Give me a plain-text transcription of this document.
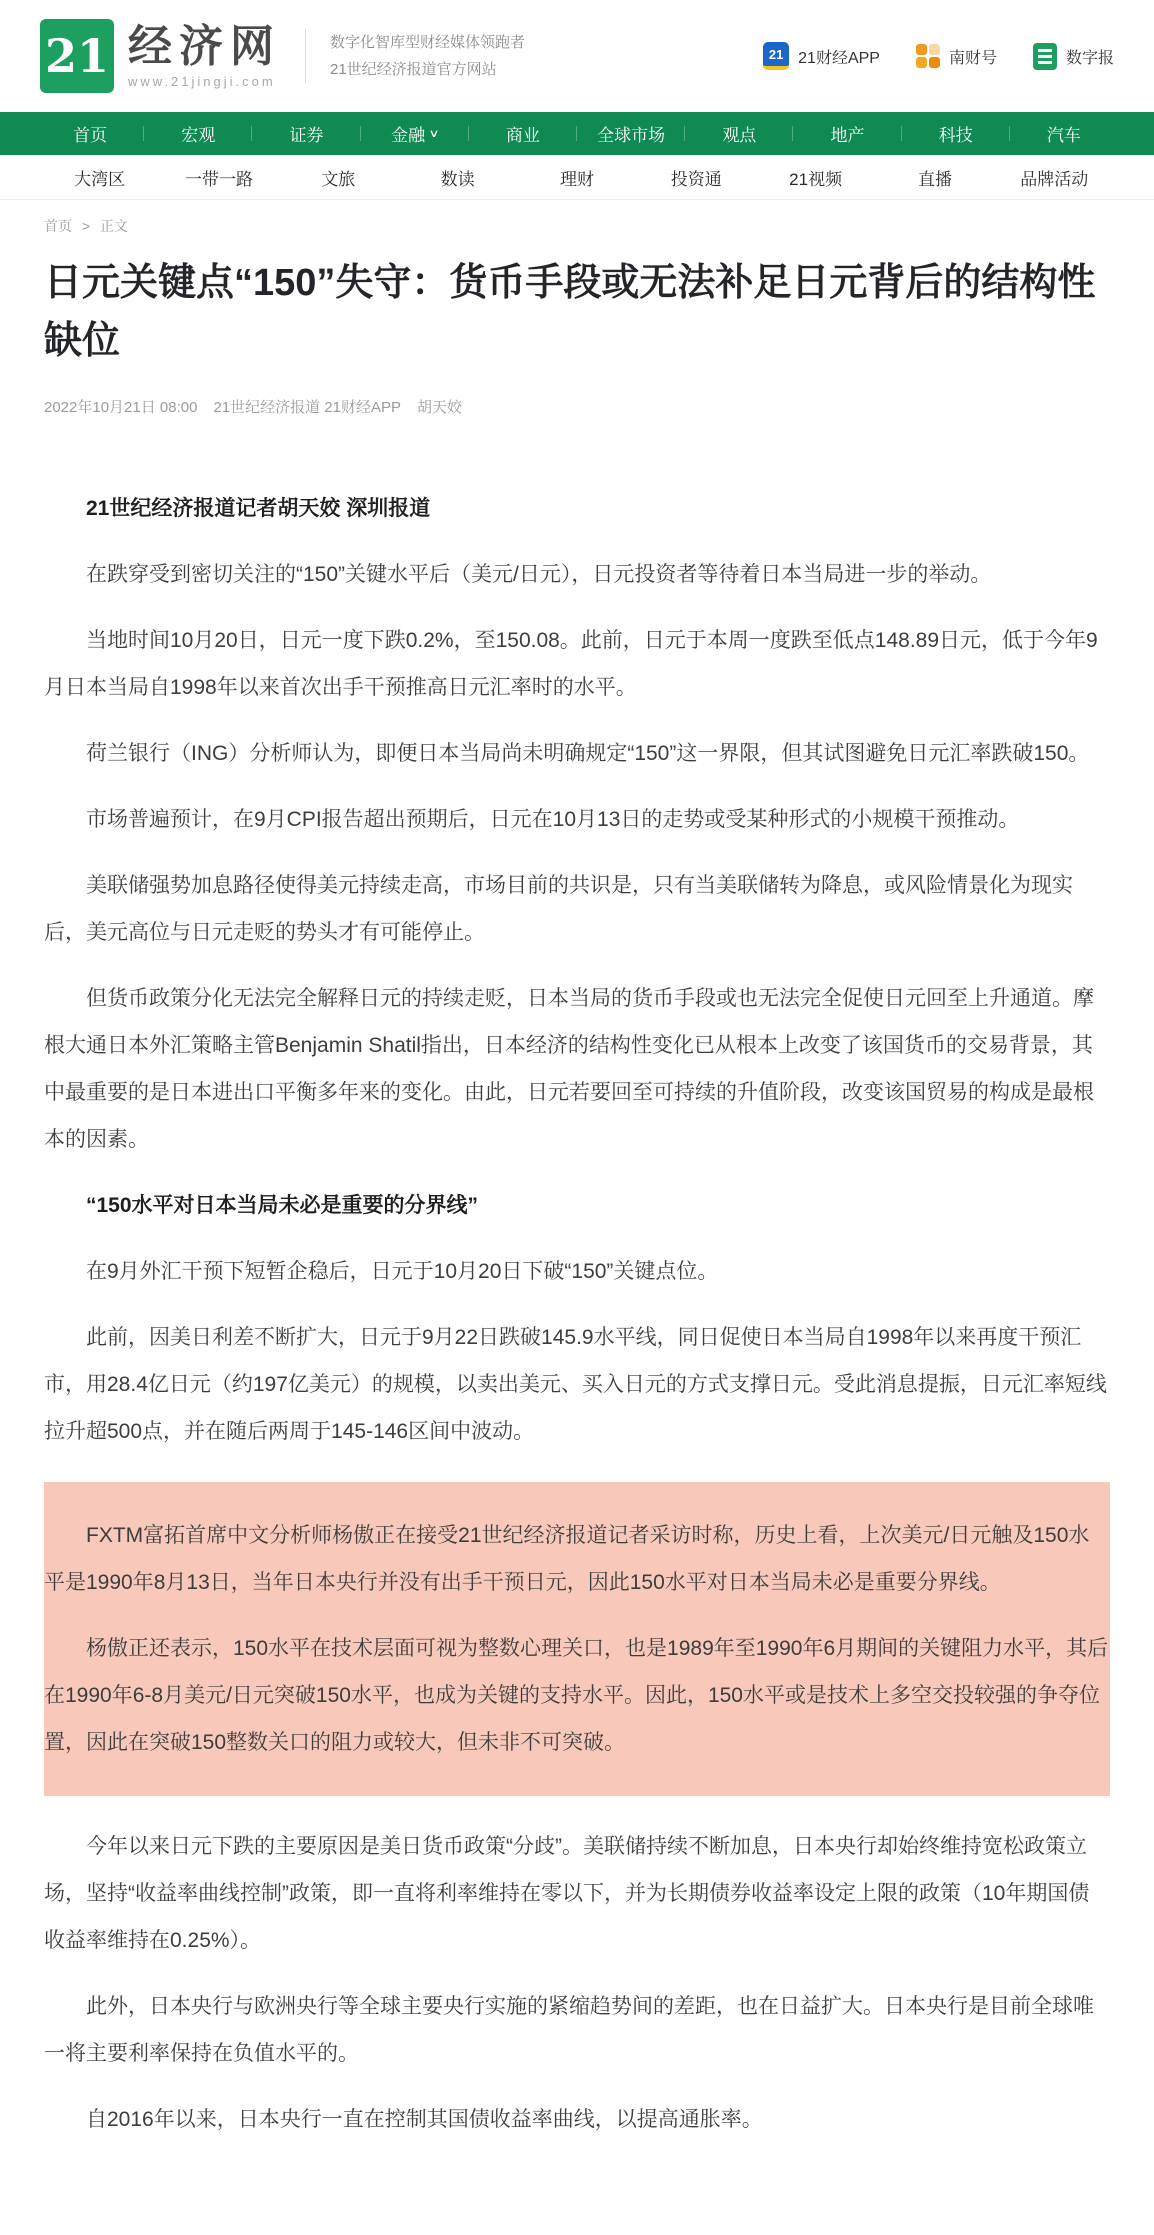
21 经济网
www.21jingji.com
数字化智库型财经媒体领跑者
21世纪经济报道官方网站
21 21财经APP	南财号	数字报
首页	宏观	证券	金融 ∨	商业	全球市场	观点	地产	科技	汽车
大湾区	一带一路	文旅	数读	理财	投资通	21视频	直播	品牌活动
首页 > 正文
日元关键点“150”失守：货币手段或无法补足日元背后的结构性缺位
2022年10月21日 08:00 21世纪经济报道 21财经APP 胡天姣

21世纪经济报道记者胡天姣 深圳报道

在跌穿受到密切关注的“150”关键水平后（美元/日元），日元投资者等待着日本当局进一步的举动。

当地时间10月20日，日元一度下跌0.2%，至150.08。此前，日元于本周一度跌至低点148.89日元，低于今年9月日本当局自1998年以来首次出手干预推高日元汇率时的水平。

荷兰银行（ING）分析师认为，即便日本当局尚未明确规定“150”这一界限，但其试图避免日元汇率跌破150。

市场普遍预计，在9月CPI报告超出预期后，日元在10月13日的走势或受某种形式的小规模干预推动。

美联储强势加息路径使得美元持续走高，市场目前的共识是，只有当美联储转为降息，或风险情景化为现实后，美元高位与日元走贬的势头才有可能停止。

但货币政策分化无法完全解释日元的持续走贬，日本当局的货币手段或也无法完全促使日元回至上升通道。摩根大通日本外汇策略主管Benjamin Shatil指出，日本经济的结构性变化已从根本上改变了该国货币的交易背景，其中最重要的是日本进出口平衡多年来的变化。由此，日元若要回至可持续的升值阶段，改变该国贸易的构成是最根本的因素。

“150水平对日本当局未必是重要的分界线”

在9月外汇干预下短暂企稳后，日元于10月20日下破“150”关键点位。

此前，因美日利差不断扩大，日元于9月22日跌破145.9水平线，同日促使日本当局自1998年以来再度干预汇市，用28.4亿日元（约197亿美元）的规模，以卖出美元、买入日元的方式支撑日元。受此消息提振，日元汇率短线拉升超500点，并在随后两周于145-146区间中波动。

FXTM富拓首席中文分析师杨傲正在接受21世纪经济报道记者采访时称，历史上看，上次美元/日元触及150水平是1990年8月13日，当年日本央行并没有出手干预日元，因此150水平对日本当局未必是重要分界线。

杨傲正还表示，150水平在技术层面可视为整数心理关口，也是1989年至1990年6月期间的关键阻力水平，其后在1990年6-8月美元/日元突破150水平，也成为关键的支持水平。因此，150水平或是技术上多空交投较强的争夺位置，因此在突破150整数关口的阻力或较大，但未非不可突破。

今年以来日元下跌的主要原因是美日货币政策“分歧”。美联储持续不断加息，日本央行却始终维持宽松政策立场，坚持“收益率曲线控制”政策，即一直将利率维持在零以下，并为长期债券收益率设定上限的政策（10年期国债收益率维持在0.25%）。

此外，日本央行与欧洲央行等全球主要央行实施的紧缩趋势间的差距，也在日益扩大。日本央行是目前全球唯一将主要利率保持在负值水平的。

自2016年以来，日本央行一直在控制其国债收益率曲线，以提高通胀率。
